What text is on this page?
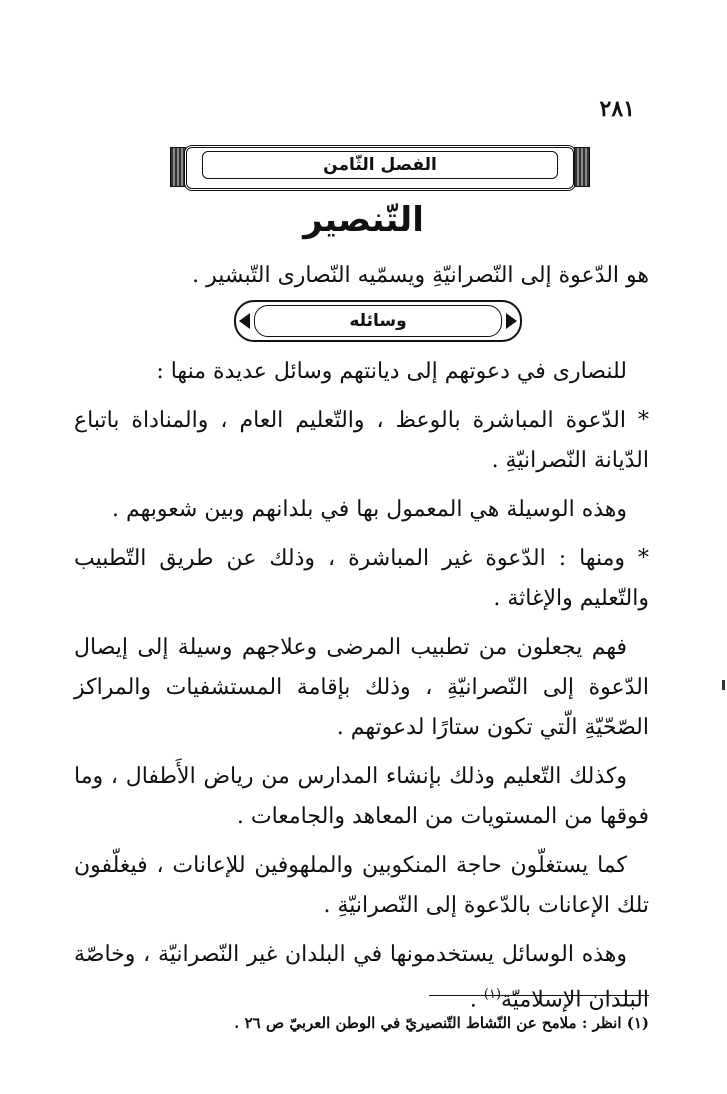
٢٨١
الفصل الثّامن
التّنصير
هو الدّعوة إلى النّصرانيّةِ ويسمّيه النّصارى التّبشير .
وسائله

للنصارى في دعوتهم إلى ديانتهم وسائل عديدة منها :

* الدّعوة المباشرة بالوعظ ، والتّعليم العام ، والمناداة باتباع الدّيانة النّصرانيّةِ .

وهذه الوسيلة هي المعمول بها في بلدانهم وبين شعوبهم .

* ومنها : الدّعوة غير المباشرة ، وذلك عن طريق التّطبيب والتّعليم والإغاثة .

فهم يجعلون من تطبيب المرضى وعلاجهم وسيلة إلى إيصال الدّعوة إلى النّصرانيّةِ ، وذلك بإقامة المستشفيات والمراكز الصّحّيّةِ الّتي تكون ستارًا لدعوتهم .

وكذلك التّعليم وذلك بإنشاء المدارس من رياض الأَطفال ، وما فوقها من المستويات من المعاهد والجامعات .

كما يستغلّون حاجة المنكوبين والملهوفين للإعانات ، فيغلّفون تلك الإعانات بالدّعوة إلى النّصرانيّةِ .

وهذه الوسائل يستخدمونها في البلدان غير النّصرانيّة ، وخاصّة البلدان الإسلاميّة$^{(١)}$ .

(١) انظر : ملامح عن النّشاط التّنصيريّ في الوطن العربيّ ص ٢٦ .
